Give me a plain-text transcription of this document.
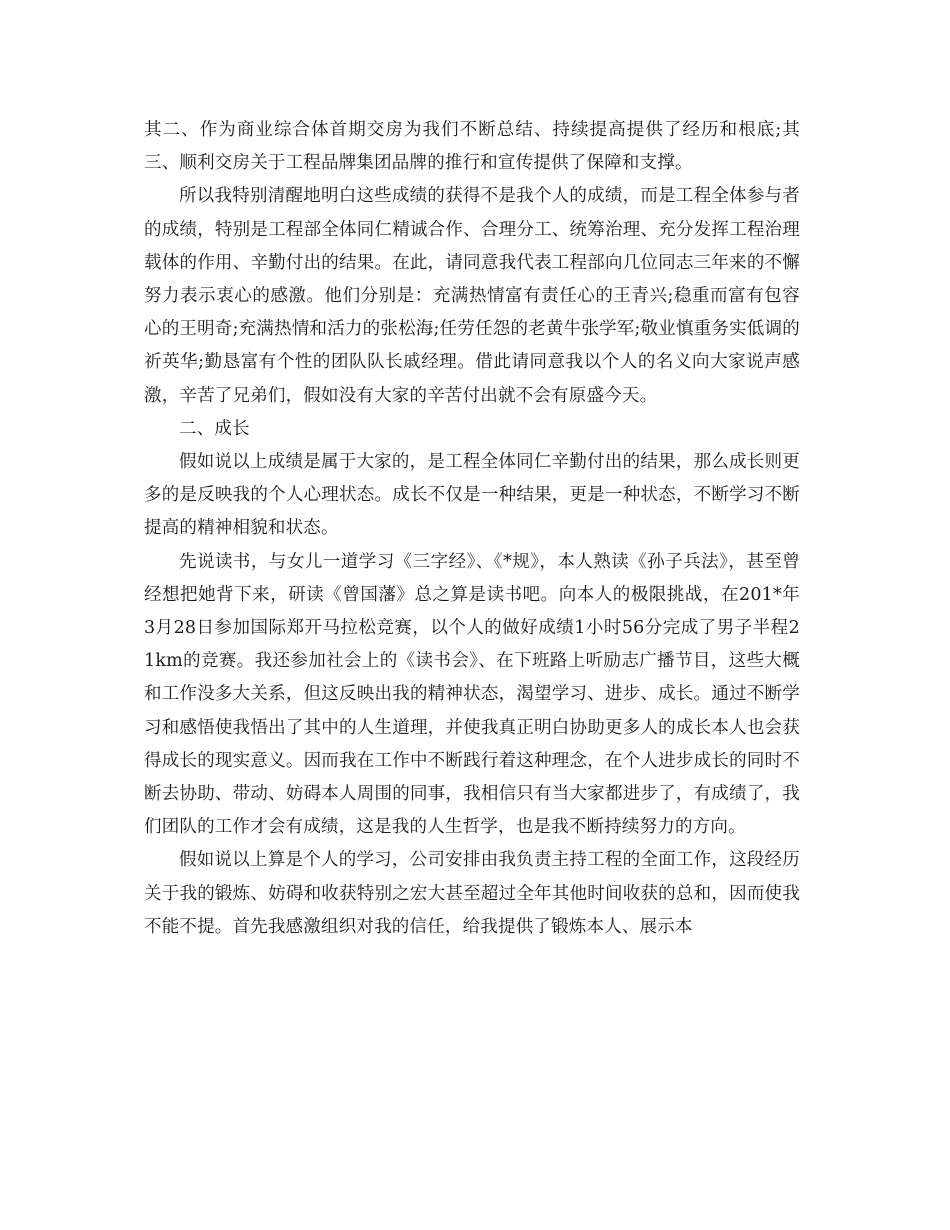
其二、作为商业综合体首期交房为我们不断总结、持续提高提供了经历和根底;其三、顺利交房关于工程品牌集团品牌的推行和宣传提供了保障和支撑。

所以我特别清醒地明白这些成绩的获得不是我个人的成绩，而是工程全体参与者的成绩，特别是工程部全体同仁精诚合作、合理分工、统筹治理、充分发挥工程治理载体的作用、辛勤付出的结果。在此，请同意我代表工程部向几位同志三年来的不懈努力表示衷心的感激。他们分别是：充满热情富有责任心的王青兴;稳重而富有包容心的王明奇;充满热情和活力的张松海;任劳任怨的老黄牛张学军;敬业慎重务实低调的祈英华;勤恳富有个性的团队队长戚经理。借此请同意我以个人的名义向大家说声感激，辛苦了兄弟们，假如没有大家的辛苦付出就不会有原盛今天。

二、成长

假如说以上成绩是属于大家的，是工程全体同仁辛勤付出的结果，那么成长则更多的是反映我的个人心理状态。成长不仅是一种结果，更是一种状态，不断学习不断提高的精神相貌和状态。

先说读书，与女儿一道学习《三字经》、《*规》，本人熟读《孙子兵法》，甚至曾经想把她背下来，研读《曾国藩》总之算是读书吧。向本人的极限挑战，在201*年3月28日参加国际郑开马拉松竞赛，以个人的做好成绩1小时56分完成了男子半程21km的竞赛。我还参加社会上的《读书会》、在下班路上听励志广播节目，这些大概和工作没多大关系，但这反映出我的精神状态，渴望学习、进步、成长。通过不断学习和感悟使我悟出了其中的人生道理，并使我真正明白协助更多人的成长本人也会获得成长的现实意义。因而我在工作中不断践行着这种理念，在个人进步成长的同时不断去协助、带动、妨碍本人周围的同事，我相信只有当大家都进步了，有成绩了，我们团队的工作才会有成绩，这是我的人生哲学，也是我不断持续努力的方向。

假如说以上算是个人的学习，公司安排由我负责主持工程的全面工作，这段经历关于我的锻炼、妨碍和收获特别之宏大甚至超过全年其他时间收获的总和，因而使我不能不提。首先我感激组织对我的信任，给我提供了锻炼本人、展示本
